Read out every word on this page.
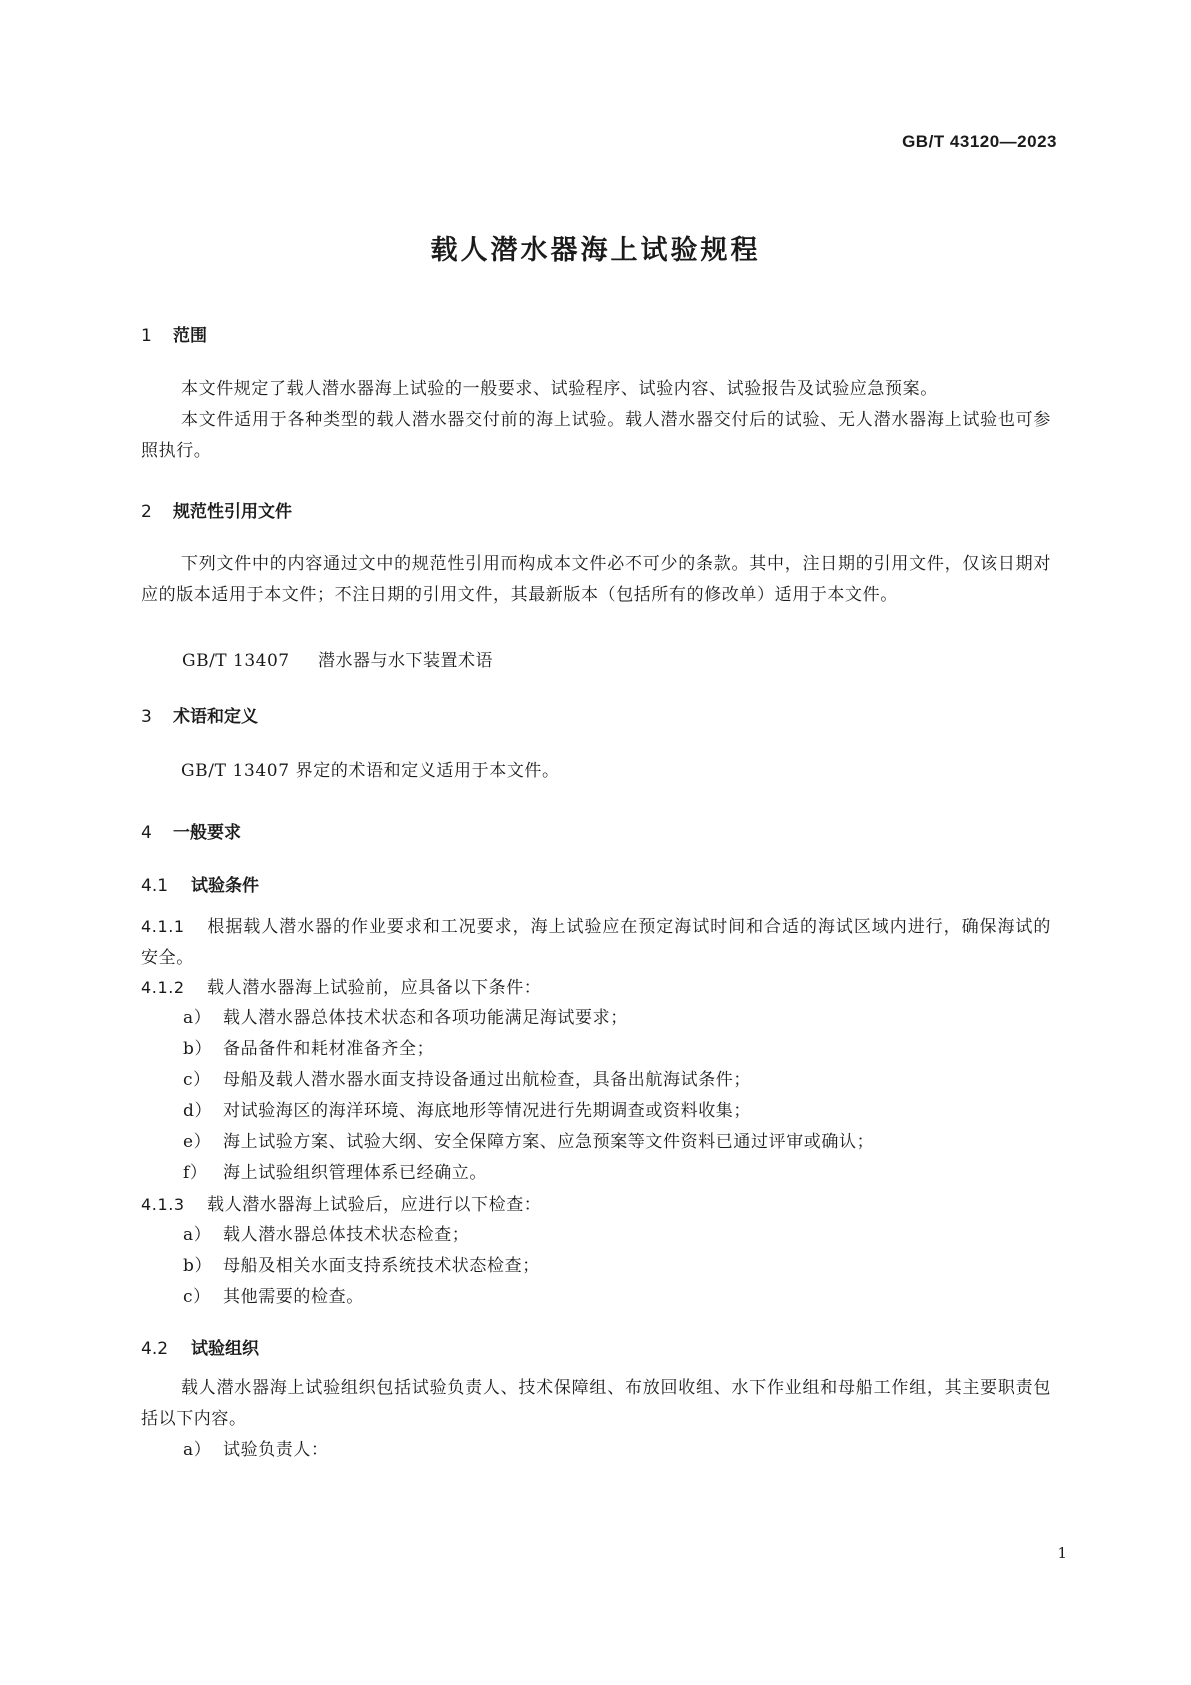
GB/T 43120—2023
载人潜水器海上试验规程
1 范围
本文件规定了载人潜水器海上试验的一般要求、试验程序、试验内容、试验报告及试验应急预案。
本文件适用于各种类型的载人潜水器交付前的海上试验。载人潜水器交付后的试验、无人潜水器海上试验也可参照执行。
2 规范性引用文件
下列文件中的内容通过文中的规范性引用而构成本文件必不可少的条款。其中，注日期的引用文件，仅该日期对应的版本适用于本文件；不注日期的引用文件，其最新版本（包括所有的修改单）适用于本文件。
GB/T 13407 潜水器与水下装置术语
3 术语和定义
GB/T 13407 界定的术语和定义适用于本文件。
4 一般要求
4.1 试验条件
4.1.1 根据载人潜水器的作业要求和工况要求，海上试验应在预定海试时间和合适的海试区域内进行，确保海试的安全。
4.1.2 载人潜水器海上试验前，应具备以下条件：
a） 载人潜水器总体技术状态和各项功能满足海试要求；
b） 备品备件和耗材准备齐全；
c） 母船及载人潜水器水面支持设备通过出航检查，具备出航海试条件；
d） 对试验海区的海洋环境、海底地形等情况进行先期调查或资料收集；
e） 海上试验方案、试验大纲、安全保障方案、应急预案等文件资料已通过评审或确认；
f） 海上试验组织管理体系已经确立。
4.1.3 载人潜水器海上试验后，应进行以下检查：
a） 载人潜水器总体技术状态检查；
b） 母船及相关水面支持系统技术状态检查；
c） 其他需要的检查。
4.2 试验组织
载人潜水器海上试验组织包括试验负责人、技术保障组、布放回收组、水下作业组和母船工作组，其主要职责包括以下内容。
a） 试验负责人：
1
